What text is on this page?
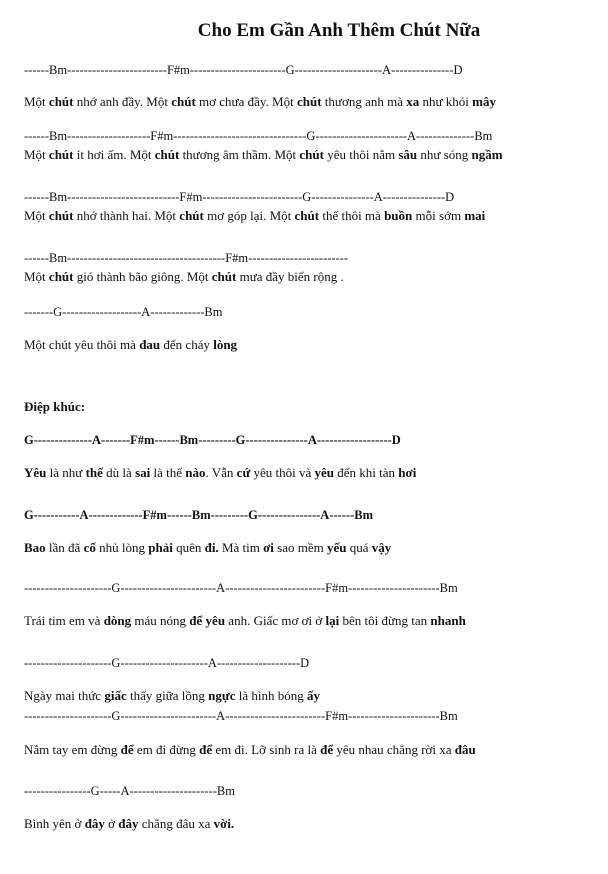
Cho Em Gần Anh Thêm Chút Nữa
------Bm------------------------F#m-----------------------G---------------------A---------------D
Một chút nhớ anh đầy. Một chút mơ chưa đầy. Một chút thương anh mà xa như khói mây
------Bm--------------------F#m--------------------------------G----------------------A--------------Bm
Một chút ít hơi ấm. Một chút thương âm thầm. Một chút yêu thôi nằm sâu như sóng ngầm
------Bm---------------------------F#m------------------------G---------------A---------------D
Một chút nhớ thành hai. Một chút mơ góp lại. Một chút thế thôi mà buồn mỗi sớm mai
------Bm--------------------------------------F#m------------------------
Một chút gió thành bão giông. Một chút mưa đầy biển rộng .
-------G-------------------A-------------Bm
Một chút yêu thôi mà đau đến cháy lòng
Điệp khúc:
G--------------A-------F#m------Bm---------G---------------A------------------D
Yêu là như thế dù là sai là thế nào. Vẫn cứ yêu thôi và yêu đến khi tàn hơi
G-----------A-------------F#m------Bm---------G---------------A------Bm
Bao lần đã cố nhủ lòng phải quên đi. Mà tim ơi sao mềm yếu quá vậy
---------------------G-----------------------A------------------------F#m----------------------Bm
Trái tim em và dòng máu nóng để yêu anh. Giấc mơ ơi ở lại bên tôi đừng tan nhanh
---------------------G---------------------A--------------------D
Ngày mai thức giấc thấy giữa lồng ngực là hình bóng ấy
---------------------G-----------------------A------------------------F#m----------------------Bm
Nắm tay em đừng để em đi đừng để em đi. Lỡ sinh ra là để yêu nhau chẳng rời xa đâu
----------------G-----A---------------------Bm
Bình yên ở đây ở đây chẳng đâu xa vời.
